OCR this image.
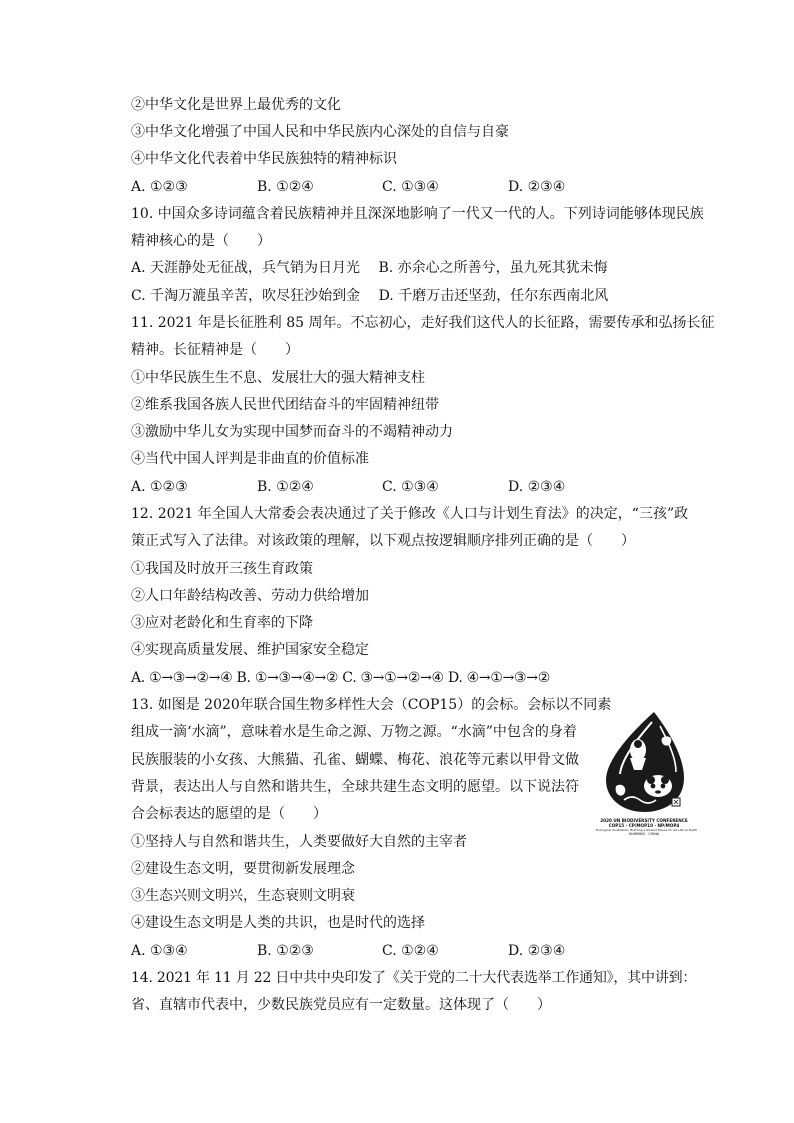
②中华文化是世界上最优秀的文化
③中华文化增强了中国人民和中华民族内心深处的自信与自豪
④中华文化代表着中华民族独特的精神标识
A. ①②③	B. ①②④	C. ①③④	D. ②③④
10. 中国众多诗词蕴含着民族精神并且深深地影响了一代又一代的人。下列诗词能够体现民族
精神核心的是（　　）
A. 天涯静处无征战，兵气销为日月光　 B. 亦余心之所善兮，虽九死其犹未悔
C. 千淘万漉虽辛苦，吹尽狂沙始到金　 D. 千磨万击还坚劲，任尔东西南北风
11. 2021 年是长征胜利 85 周年。不忘初心，走好我们这代人的长征路，需要传承和弘扬长征
精神。长征精神是（　　）
①中华民族生生不息、发展壮大的强大精神支柱
②维系我国各族人民世代团结奋斗的牢固精神纽带
③激励中华儿女为实现中国梦而奋斗的不竭精神动力
④当代中国人评判是非曲直的价值标准
A. ①②③	B. ①②④	C. ①③④	D. ②③④
12. 2021 年全国人大常委会表决通过了关于修改《人口与计划生育法》的决定，“三孩”政
策正式写入了法律。对该政策的理解，以下观点按逻辑顺序排列正确的是（　　）
①我国及时放开三孩生育政策
②人口年龄结构改善、劳动力供给增加
③应对老龄化和生育率的下降
④实现高质量发展、维护国家安全稳定
A. ①→③→②→④ B. ①→③→④→② C. ③→①→②→④ D. ④→①→③→②
13. 如图是 2020年联合国生物多样性大会（COP15）的会标。会标以不同素
组成一滴‘水滴”，意味着水是生命之源、万物之源。“水滴”中包含的身着
民族服装的小女孩、大熊猫、孔雀、蝴蝶、梅花、浪花等元素以甲骨文做
背景，表达出人与自然和谐共生，全球共建生态文明的愿望。以下说法符
合会标表达的愿望的是（　　）
①坚持人与自然和谐共生，人类要做好大自然的主宰者
②建设生态文明，要贯彻新发展理念
③生态兴则文明兴，生态衰则文明衰
④建设生态文明是人类的共识，也是时代的选择
A. ①③④	B. ①②③	C. ①②④	D. ②③④
14. 2021 年 11 月 22 日中共中央印发了《关于党的二十大代表选举工作通知》，其中讲到：
省、直辖市代表中，少数民族党员应有一定数量。这体现了（　　）
2020 UN BIODIVERSITY CONFERENCE
COP15 · CP/MOP10 · NP/MOP4
Ecological Civilization: Building a Shared Future for All Life on Earth
KUNMING · CHINA
